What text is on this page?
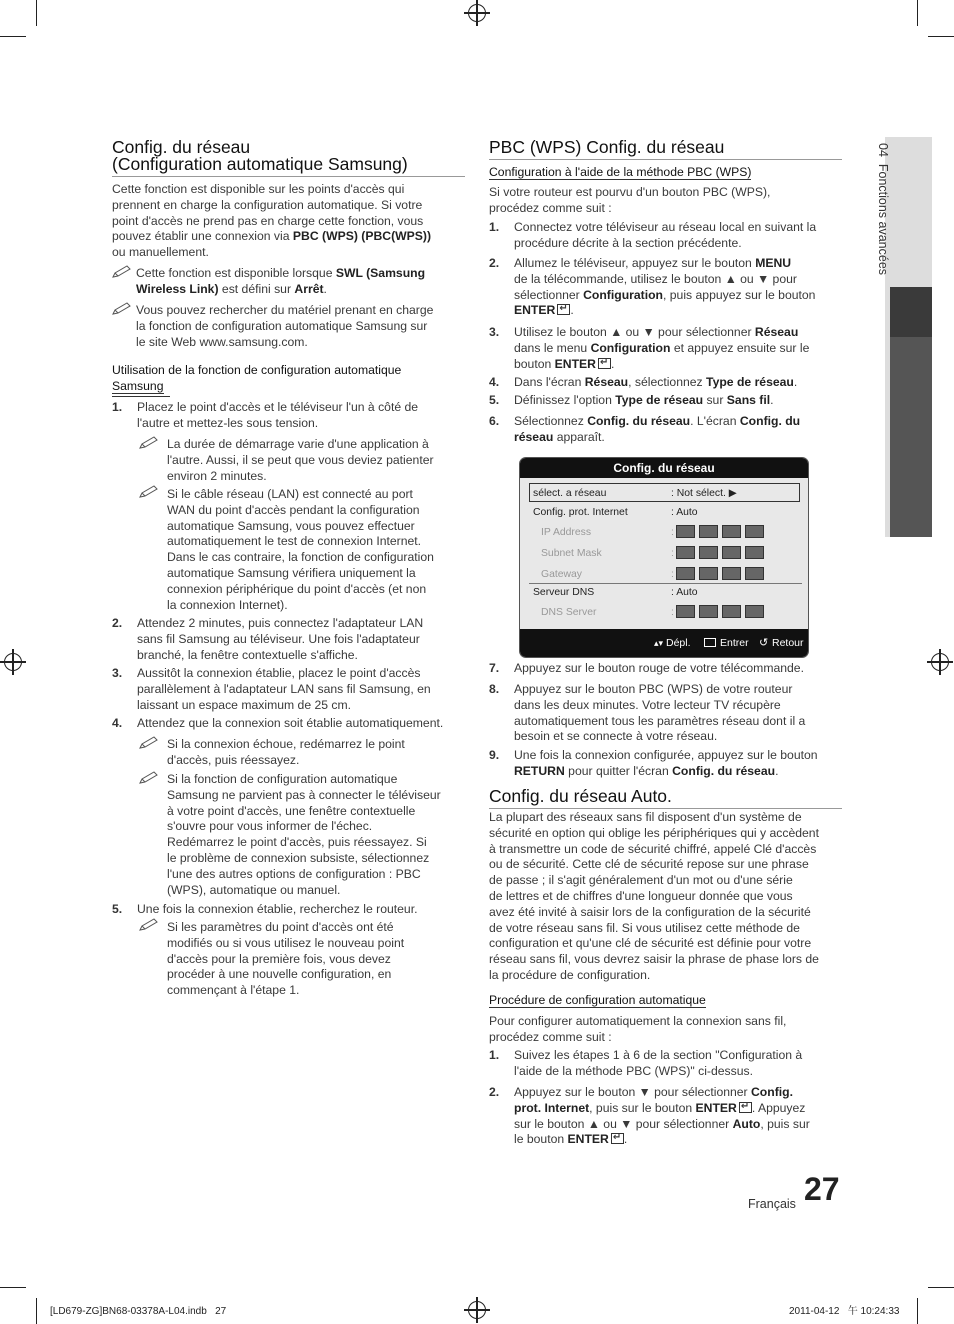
04  Fonctions avancées
Config. du réseau
(Configuration automatique Samsung)
Cette fonction est disponible sur les points d'accès qui
prennent en charge la configuration automatique. Si votre
point d'accès ne prend pas en charge cette fonction, vous
pouvez établir une connexion via PBC (WPS) (PBC(WPS))
ou manuellement.
Cette fonction est disponible lorsque SWL (Samsung
Wireless Link) est défini sur Arrêt.
Vous pouvez rechercher du matériel prenant en charge
la fonction de configuration automatique Samsung sur
le site Web www.samsung.com.
Utilisation de la fonction de configuration automatique
Samsung
1. Placez le point d'accès et le téléviseur l'un à côté de
l'autre et mettez-les sous tension.
La durée de démarrage varie d'une application à
l'autre. Aussi, il se peut que vous deviez patienter
environ 2 minutes.
Si le câble réseau (LAN) est connecté au port
WAN du point d'accès pendant la configuration
automatique Samsung, vous pouvez effectuer
automatiquement le test de connexion Internet.
Dans le cas contraire, la fonction de configuration
automatique Samsung vérifiera uniquement la
connexion périphérique du point d'accès (et non
la connexion Internet).
2. Attendez 2 minutes, puis connectez l'adaptateur LAN
sans fil Samsung au téléviseur. Une fois l'adaptateur
branché, la fenêtre contextuelle s'affiche.
3. Aussitôt la connexion établie, placez le point d'accès
parallèlement à l'adaptateur LAN sans fil Samsung, en
laissant un espace maximum de 25 cm.
4. Attendez que la connexion soit établie automatiquement.
Si la connexion échoue, redémarrez le point
d'accès, puis réessayez.
Si la fonction de configuration automatique
Samsung ne parvient pas à connecter le téléviseur
à votre point d'accès, une fenêtre contextuelle
s'ouvre pour vous informer de l'échec.
Redémarrez le point d'accès, puis réessayez. Si
le problème de connexion subsiste, sélectionnez
l'une des autres options de configuration : PBC
(WPS), automatique ou manuel.
5. Une fois la connexion établie, recherchez le routeur.
Si les paramètres du point d'accès ont été
modifiés ou si vous utilisez le nouveau point
d'accès pour la première fois, vous devez
procéder à une nouvelle configuration, en
commençant à l'étape 1.
PBC (WPS) Config. du réseau
Configuration à l'aide de la méthode PBC (WPS)
Si votre routeur est pourvu d'un bouton PBC (WPS),
procédez comme suit :
1. Connectez votre téléviseur au réseau local en suivant la
procédure décrite à la section précédente.
2. Allumez le téléviseur, appuyez sur le bouton MENU
de la télécommande, utilisez le bouton ▲ ou ▼ pour
sélectionner Configuration, puis appuyez sur le bouton
ENTER ↵ .
3. Utilisez le bouton ▲ ou ▼ pour sélectionner Réseau
dans le menu Configuration et appuyez ensuite sur le
bouton ENTER ↵ .
4. Dans l'écran Réseau, sélectionnez Type de réseau.
5. Définissez l'option Type de réseau sur Sans fil.
6. Sélectionnez Config. du réseau. L'écran Config. du
réseau apparaît.
Config. du réseau
sélect. a réseau	: Not sélect. ▶
Config. prot. Internet	: Auto
IP Address	:
Subnet Mask	:
Gateway	:
Serveur DNS	: Auto
DNS Server	:
▴▾ Dépl.	Entrer ↺ Retour
7. Appuyez sur le bouton rouge de votre télécommande.
8. Appuyez sur le bouton PBC (WPS) de votre routeur
dans les deux minutes. Votre lecteur TV récupère
automatiquement tous les paramètres réseau dont il a
besoin et se connecte à votre réseau.
9. Une fois la connexion configurée, appuyez sur le bouton
RETURN pour quitter l'écran Config. du réseau.
Config. du réseau Auto.
La plupart des réseaux sans fil disposent d'un système de
sécurité en option qui oblige les périphériques qui y accèdent
à transmettre un code de sécurité chiffré, appelé Clé d'accès
ou de sécurité. Cette clé de sécurité repose sur une phrase
de passe ; il s'agit généralement d'un mot ou d'une série
de lettres et de chiffres d'une longueur donnée que vous
avez été invité à saisir lors de la configuration de la sécurité
de votre réseau sans fil. Si vous utilisez cette méthode de
configuration et qu'une clé de sécurité est définie pour votre
réseau sans fil, vous devrez saisir la phrase de phase lors de
la procédure de configuration.
Procédure de configuration automatique
Pour configurer automatiquement la connexion sans fil,
procédez comme suit :
1. Suivez les étapes 1 à 6 de la section "Configuration à
l'aide de la méthode PBC (WPS)" ci-dessus.
2. Appuyez sur le bouton ▼ pour sélectionner Config.
prot. Internet, puis sur le bouton ENTER ↵ . Appuyez
sur le bouton ▲ ou ▼ pour sélectionner Auto, puis sur
le bouton ENTER ↵ .
Français 27
[LD679-ZG]BN68-03378A-L04.indb   27	2011-04-12   午 10:24:33
